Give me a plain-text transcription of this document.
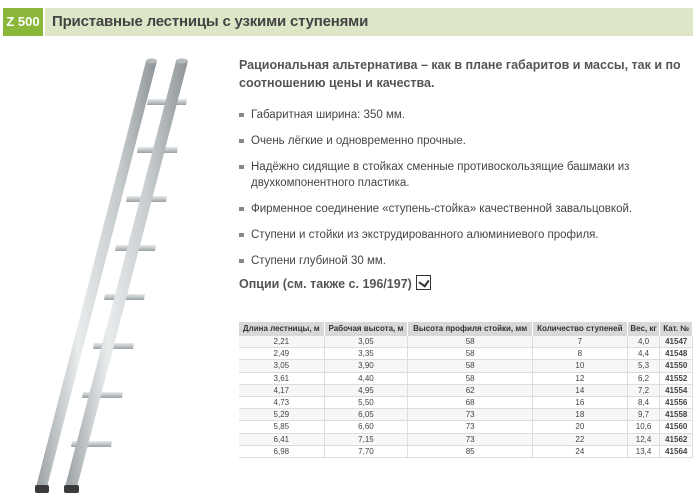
Z 500 Приставные лестницы с узкими ступенями
Рациональная альтернатива – как в плане габаритов и массы, так и по соотношению цены и качества.
Габаритная ширина: 350 мм.
Очень лёгкие и одновременно прочные.
Надёжно сидящие в стойках сменные противоскользящие башмаки из двухкомпонентного пластика.
Фирменное соединение «ступень-стойка» качественной завальцовкой.
Ступени и стойки из экструдированного алюминиевого профиля.
Ступени глубиной 30 мм.
Опции (см. также с. 196/197)
Длина лестницы, м	Рабочая высота, м	Высота профиля стойки, мм	Количество ступеней	Вес, кг	Кат. №
2,21	3,05	58	7	4,0	41547
2,49	3,35	58	8	4,4	41548
3,05	3,90	58	10	5,3	41550
3,61	4,40	58	12	6,2	41552
4,17	4,95	62	14	7,2	41554
4,73	5,50	68	16	8,4	41556
5,29	6,05	73	18	9,7	41558
5,85	6,60	73	20	10,6	41560
6,41	7,15	73	22	12,4	41562
6,98	7,70	85	24	13,4	41564
